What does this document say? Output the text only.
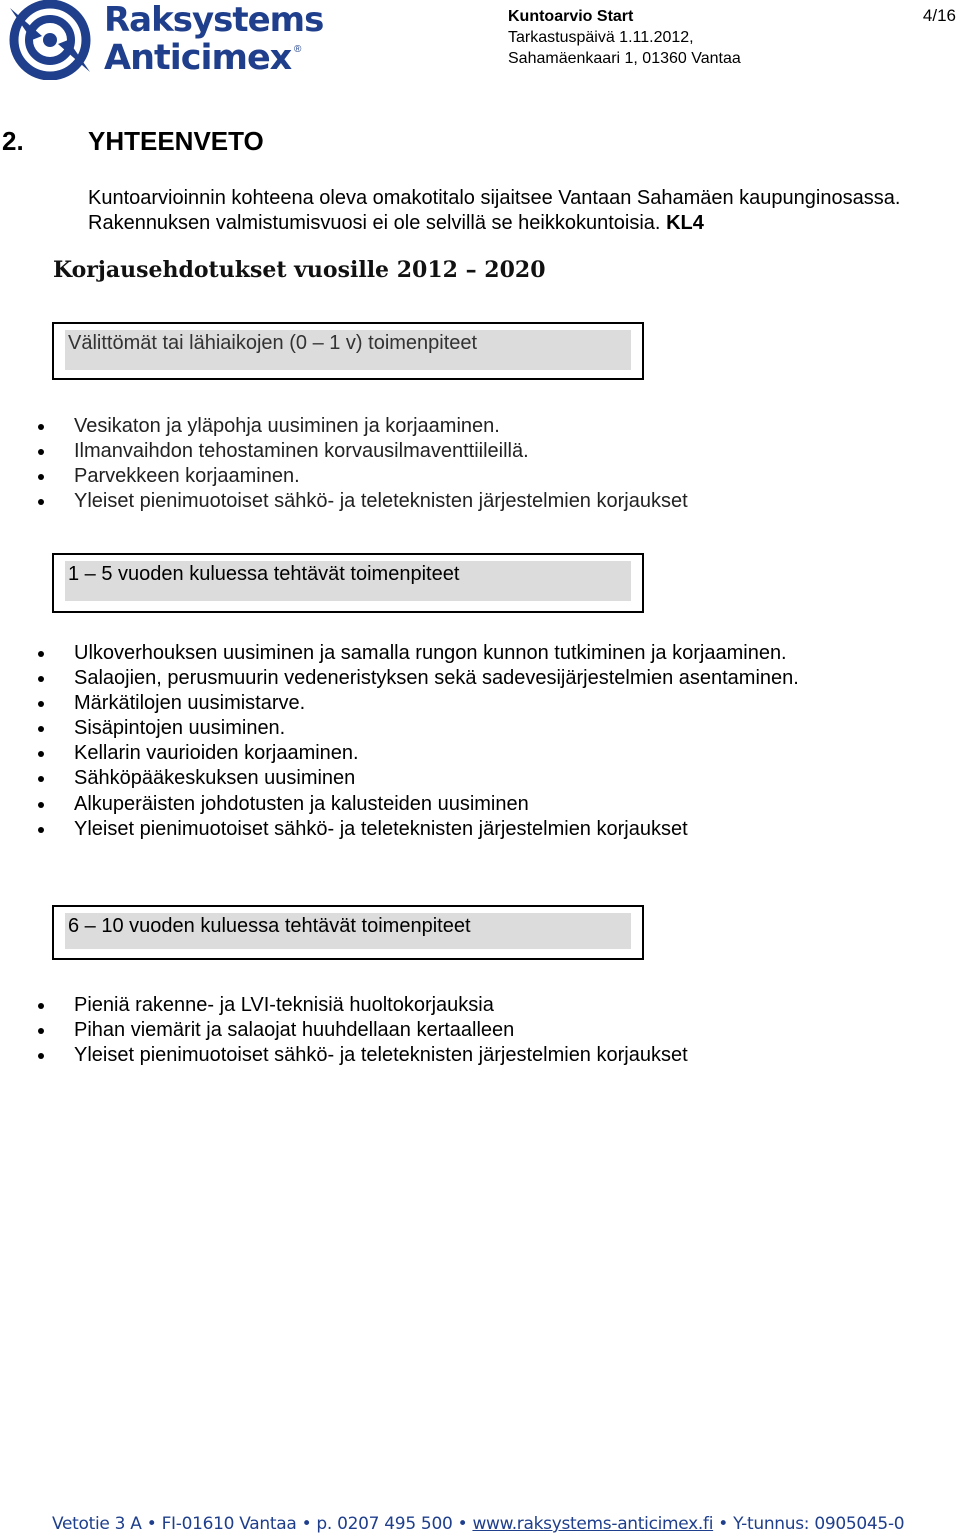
Raksystems
Anticimex ®
Kuntoarvio Start
Tarkastuspäivä 1.11.2012,
Sahamäenkaari 1, 01360 Vantaa
4/16
2. YHTEENVETO
Kuntoarvioinnin kohteena oleva omakotitalo sijaitsee Vantaan Sahamäen kaupunginosassa. Rakennuksen valmistumisvuosi ei ole selvillä se heikkokuntoisia. KL4
Korjausehdotukset vuosille 2012 – 2020
Välittömät tai lähiaikojen (0 – 1 v) toimenpiteet
Vesikaton ja yläpohja uusiminen ja korjaaminen.
Ilmanvaihdon tehostaminen korvausilmaventtiileillä.
Parvekkeen korjaaminen.
Yleiset pienimuotoiset sähkö- ja teleteknisten järjestelmien korjaukset
1 – 5 vuoden kuluessa tehtävät toimenpiteet
Ulkoverhouksen uusiminen ja samalla rungon kunnon tutkiminen ja korjaaminen.
Salaojien, perusmuurin vedeneristyksen sekä sadevesijärjestelmien asentaminen.
Märkätilojen uusimistarve.
Sisäpintojen uusiminen.
Kellarin vaurioiden korjaaminen.
Sähköpääkeskuksen uusiminen
Alkuperäisten johdotusten ja kalusteiden uusiminen
Yleiset pienimuotoiset sähkö- ja teleteknisten järjestelmien korjaukset
6 – 10 vuoden kuluessa tehtävät toimenpiteet
Pieniä rakenne- ja LVI-teknisiä huoltokorjauksia
Pihan viemärit ja salaojat huuhdellaan kertaalleen
Yleiset pienimuotoiset sähkö- ja teleteknisten järjestelmien korjaukset
Vetotie 3 A • FI-01610 Vantaa • p. 0207 495 500 • www.raksystems-anticimex.fi • Y-tunnus: 0905045-0
